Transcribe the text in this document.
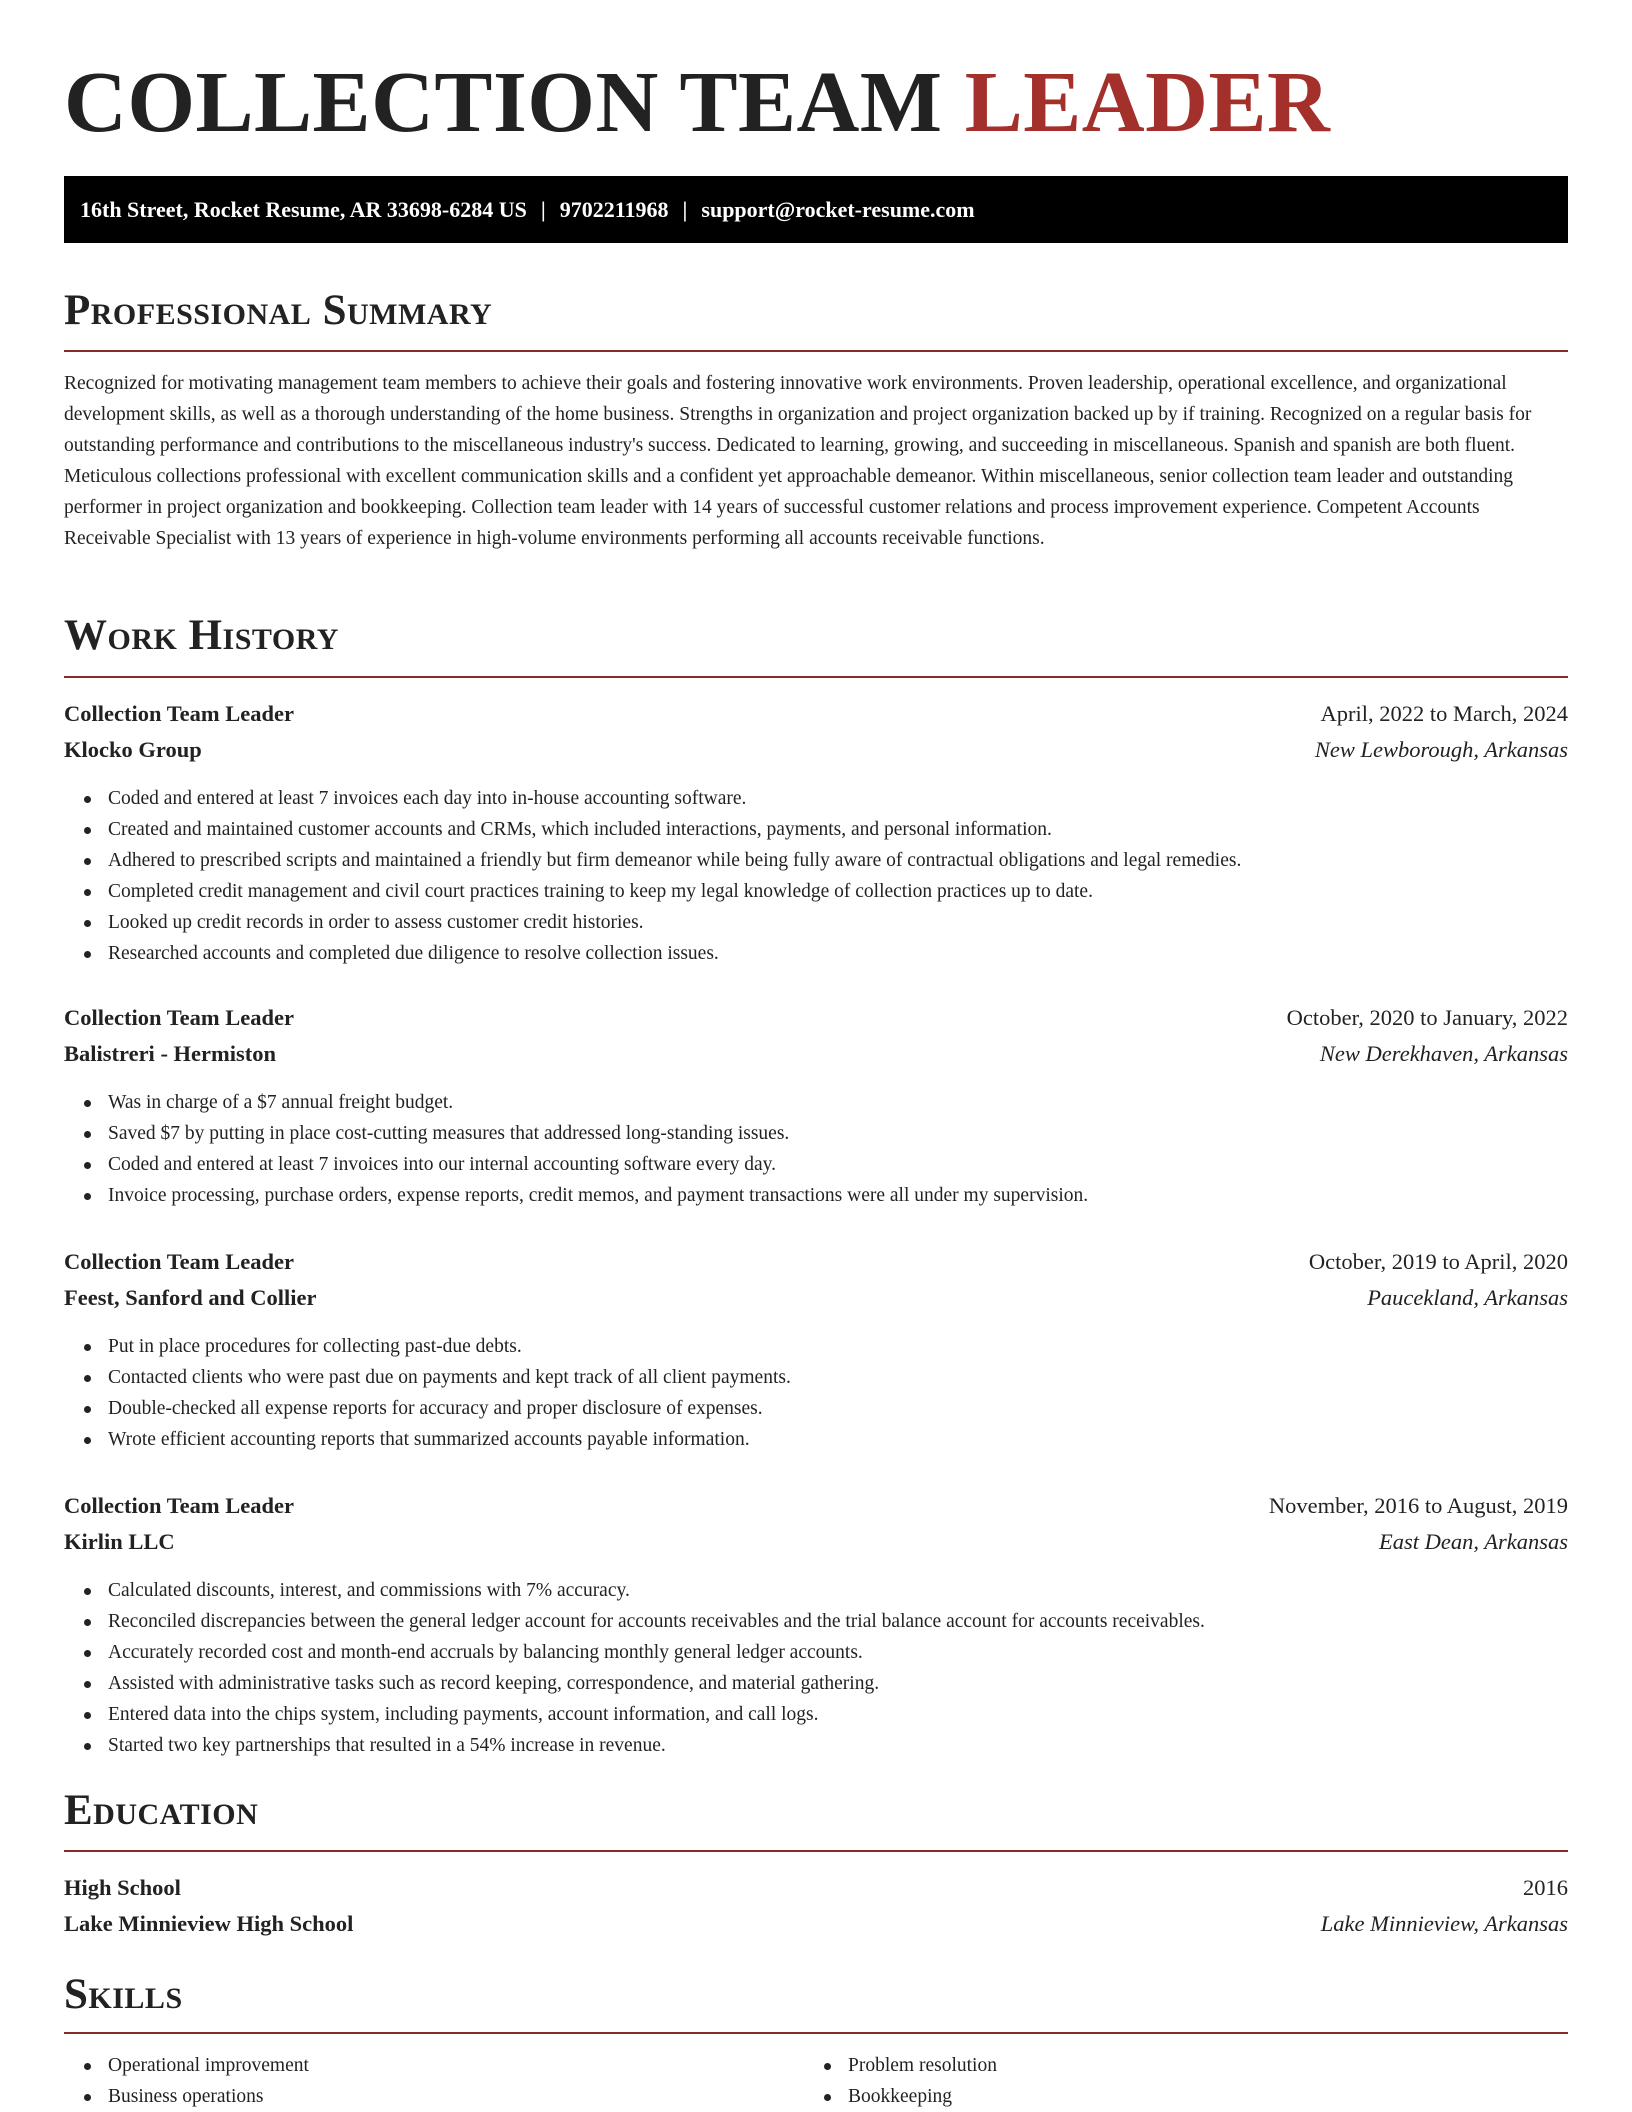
COLLECTION TEAM LEADER
16th Street, Rocket Resume, AR 33698-6284 US | 9702211968 | support@rocket-resume.com
Professional Summary

Recognized for motivating management team members to achieve their goals and fostering innovative work environments. Proven leadership, operational excellence, and organizational development skills, as well as a thorough understanding of the home business. Strengths in organization and project organization backed up by if training. Recognized on a regular basis for outstanding performance and contributions to the miscellaneous industry's success. Dedicated to learning, growing, and succeeding in miscellaneous. Spanish and spanish are both fluent. Meticulous collections professional with excellent communication skills and a confident yet approachable demeanor. Within miscellaneous, senior collection team leader and outstanding performer in project organization and bookkeeping. Collection team leader with 14 years of successful customer relations and process improvement experience. Competent Accounts Receivable Specialist with 13 years of experience in high-volume environments performing all accounts receivable functions.

Work History
Collection Team Leader	April, 2022 to March, 2024
Klocko Group	New Lewborough, Arkansas
Coded and entered at least 7 invoices each day into in-house accounting software.
Created and maintained customer accounts and CRMs, which included interactions, payments, and personal information.
Adhered to prescribed scripts and maintained a friendly but firm demeanor while being fully aware of contractual obligations and legal remedies.
Completed credit management and civil court practices training to keep my legal knowledge of collection practices up to date.
Looked up credit records in order to assess customer credit histories.
Researched accounts and completed due diligence to resolve collection issues.
Collection Team Leader	October, 2020 to January, 2022
Balistreri - Hermiston	New Derekhaven, Arkansas
Was in charge of a $7 annual freight budget.
Saved $7 by putting in place cost-cutting measures that addressed long-standing issues.
Coded and entered at least 7 invoices into our internal accounting software every day.
Invoice processing, purchase orders, expense reports, credit memos, and payment transactions were all under my supervision.
Collection Team Leader	October, 2019 to April, 2020
Feest, Sanford and Collier	Paucekland, Arkansas
Put in place procedures for collecting past-due debts.
Contacted clients who were past due on payments and kept track of all client payments.
Double-checked all expense reports for accuracy and proper disclosure of expenses.
Wrote efficient accounting reports that summarized accounts payable information.
Collection Team Leader	November, 2016 to August, 2019
Kirlin LLC	East Dean, Arkansas
Calculated discounts, interest, and commissions with 7% accuracy.
Reconciled discrepancies between the general ledger account for accounts receivables and the trial balance account for accounts receivables.
Accurately recorded cost and month-end accruals by balancing monthly general ledger accounts.
Assisted with administrative tasks such as record keeping, correspondence, and material gathering.
Entered data into the chips system, including payments, account information, and call logs.
Started two key partnerships that resulted in a 54% increase in revenue.
Education
High School	2016
Lake Minnieview High School	Lake Minnieview, Arkansas
Skills
Operational improvement
Business operations
Problem resolution
Bookkeeping
